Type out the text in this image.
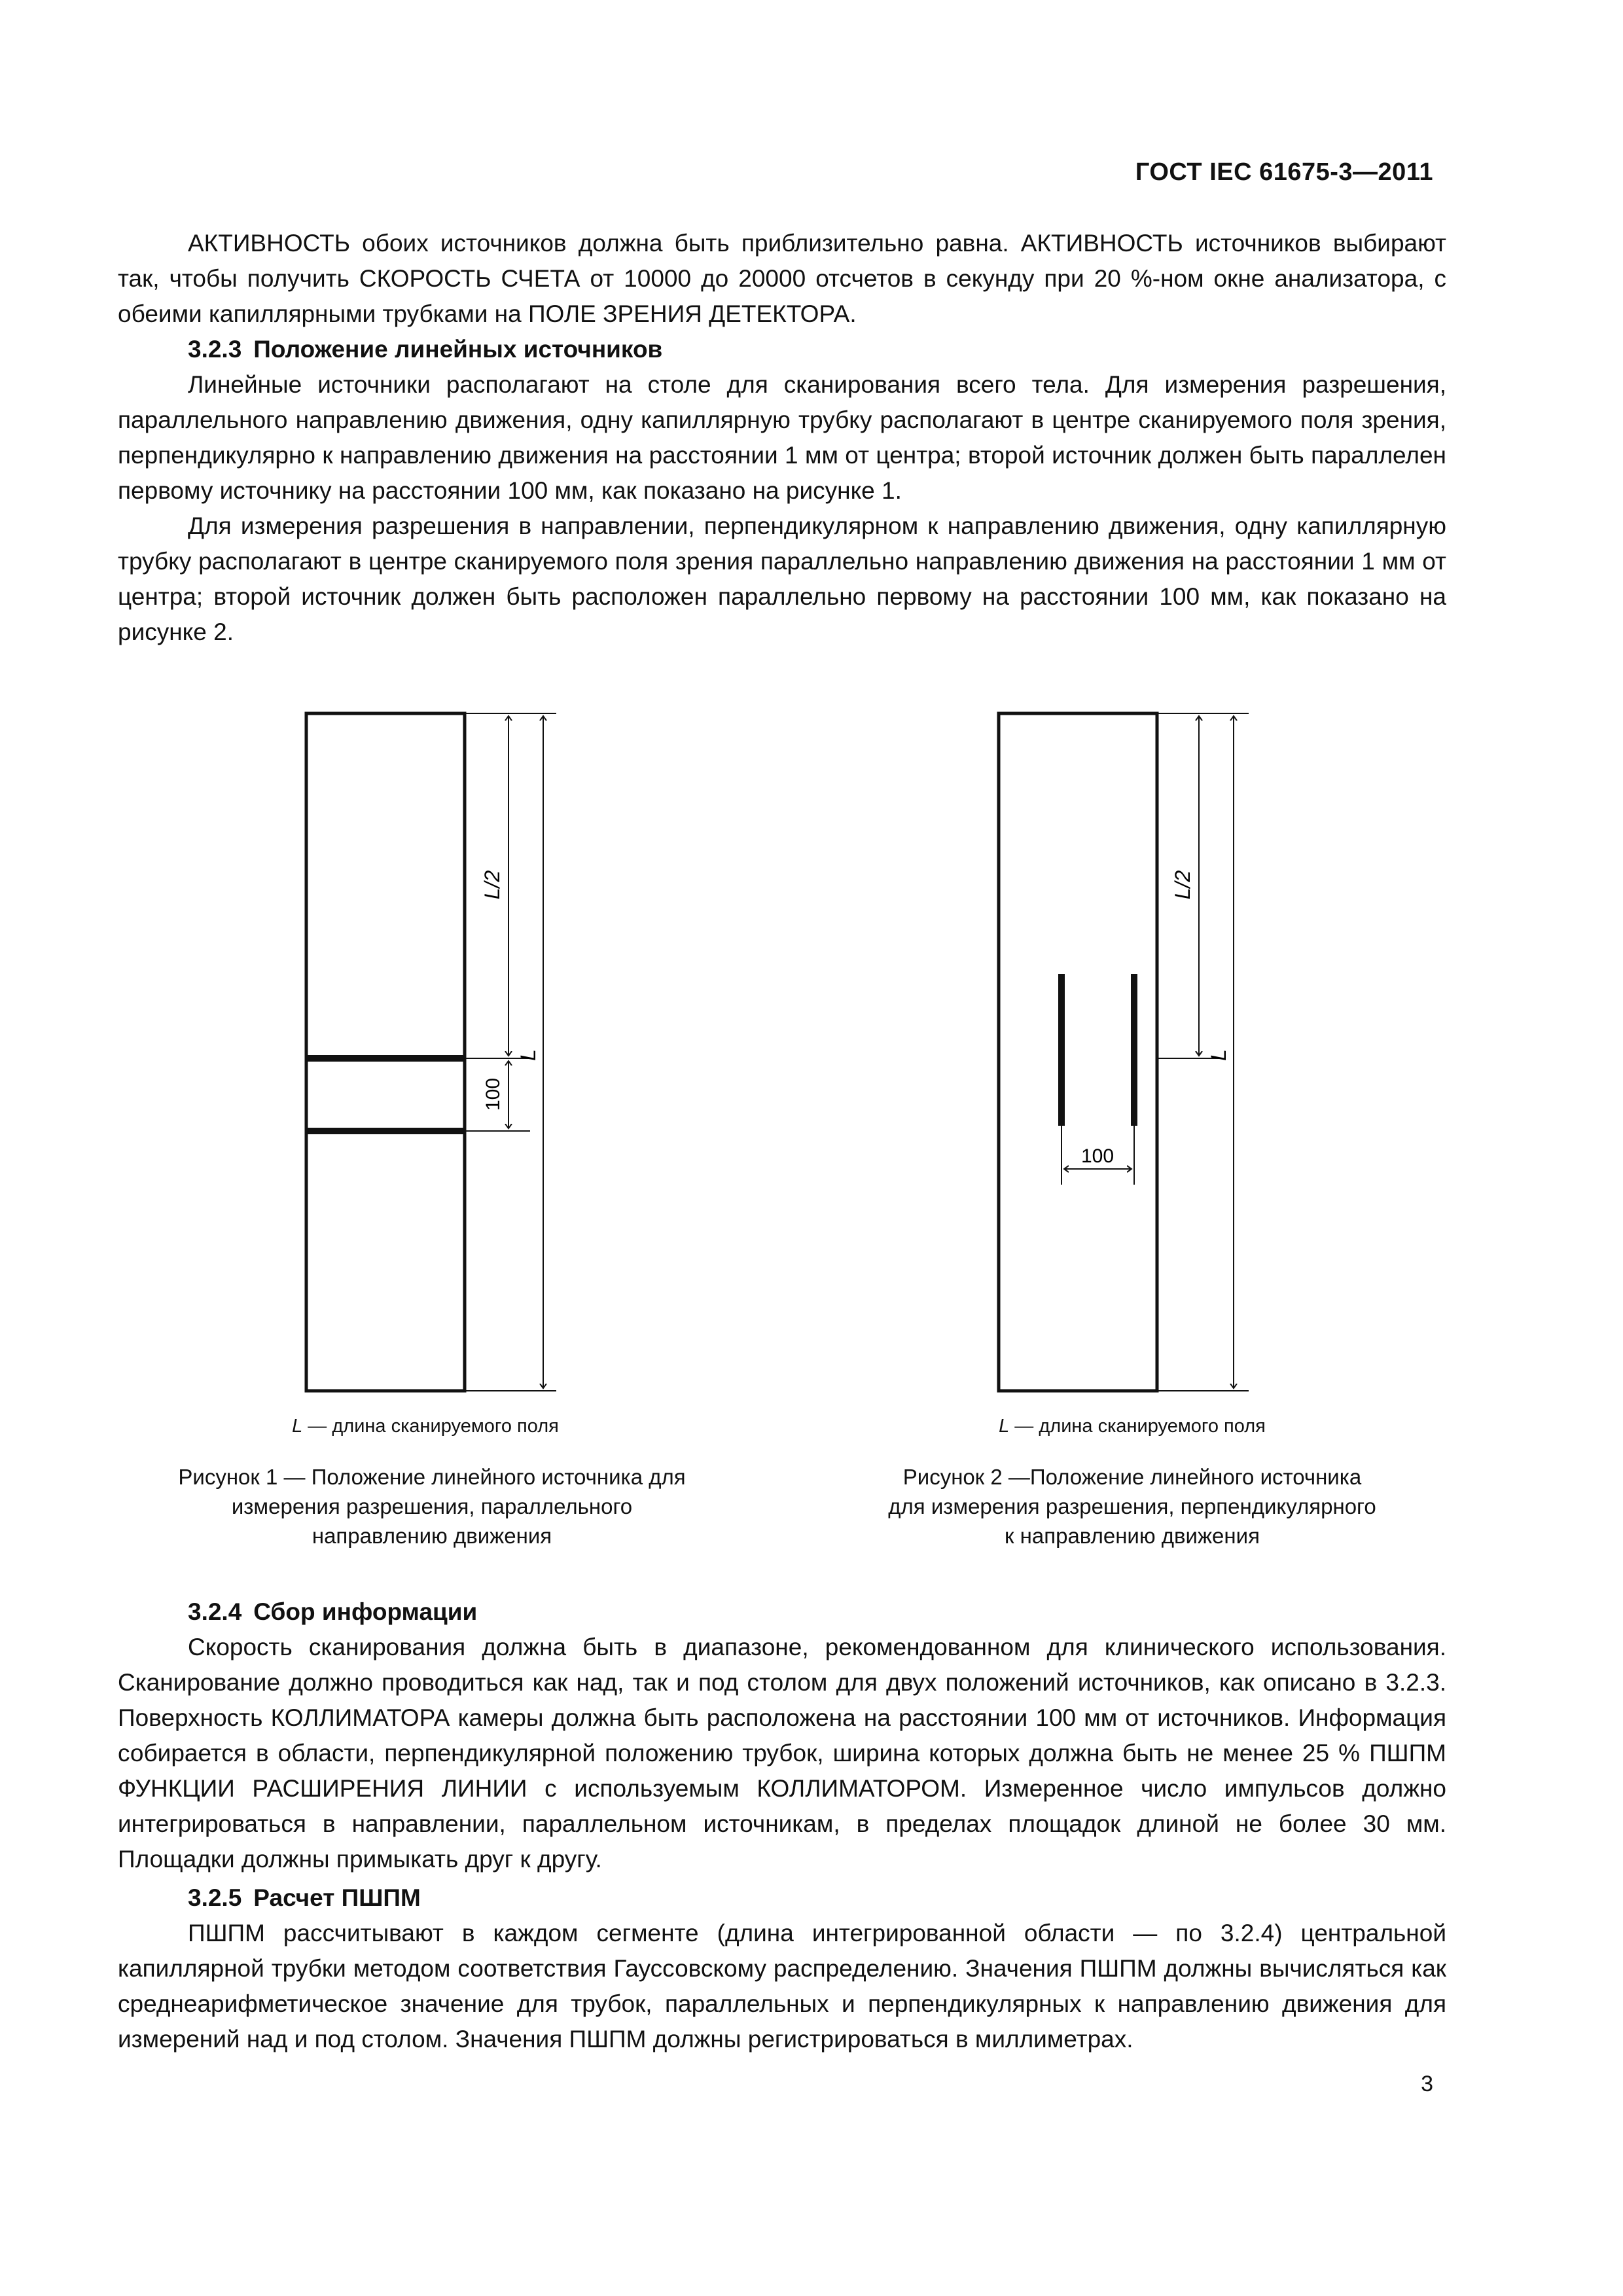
ГОСТ IEC 61675-3—2011

АКТИВНОСТЬ обоих источников должна быть приблизительно равна. АКТИВНОСТЬ источников выбирают так, чтобы получить СКОРОСТЬ СЧЕТА от 10000 до 20000 отсчетов в секунду при 20 %-ном окне анализатора, с обеими капиллярными трубками на ПОЛЕ ЗРЕНИЯ ДЕТЕКТОРА.

3.2.3 Положение линейных источников

Линейные источники располагают на столе для сканирования всего тела. Для измерения разрешения, параллельного направлению движения, одну капиллярную трубку располагают в центре сканируемого поля зрения, перпендикулярно к направлению движения на расстоянии 1 мм от центра; второй источник должен быть параллелен первому источнику на расстоянии 100 мм, как показано на рисунке 1.

Для измерения разрешения в направлении, перпендикулярном к направлению движения, одну капиллярную трубку располагают в центре сканируемого поля зрения параллельно направлению движения на расстоянии 1 мм от центра; второй источник должен быть расположен параллельно первому на расстоянии 100 мм, как показано на рисунке 2.

L/2
100
L
L — длина сканируемого поля
Рисунок 1 — Положение линейного источника для
измерения разрешения, параллельного
направлению движения
100
L/2
L
L — длина сканируемого поля
Рисунок 2 —Положение линейного источника
для измерения разрешения, перпендикулярного
к направлению движения
3.2.4 Сбор информации

Скорость сканирования должна быть в диапазоне, рекомендованном для клинического использования. Сканирование должно проводиться как над, так и под столом для двух положений источников, как описано в 3.2.3. Поверхность КОЛЛИМАТОРА камеры должна быть расположена на расстоянии 100 мм от источников. Информация собирается в области, перпендикулярной положению трубок, ширина которых должна быть не менее 25 % ПШПМ ФУНКЦИИ РАСШИРЕНИЯ ЛИНИИ с используемым КОЛЛИМАТОРОМ. Измеренное число импульсов должно интегрироваться в направлении, параллельном источникам, в пределах площадок длиной не более 30 мм. Площадки должны примыкать друг к другу.

3.2.5 Расчет ПШПМ

ПШПМ рассчитывают в каждом сегменте (длина интегрированной области — по 3.2.4) центральной капиллярной трубки методом соответствия Гауссовскому распределению. Значения ПШПМ должны вычисляться как среднеарифметическое значение для трубок, параллельных и перпендикулярных к направлению движения для измерений над и под столом. Значения ПШПМ должны регистрироваться в миллиметрах.

3
